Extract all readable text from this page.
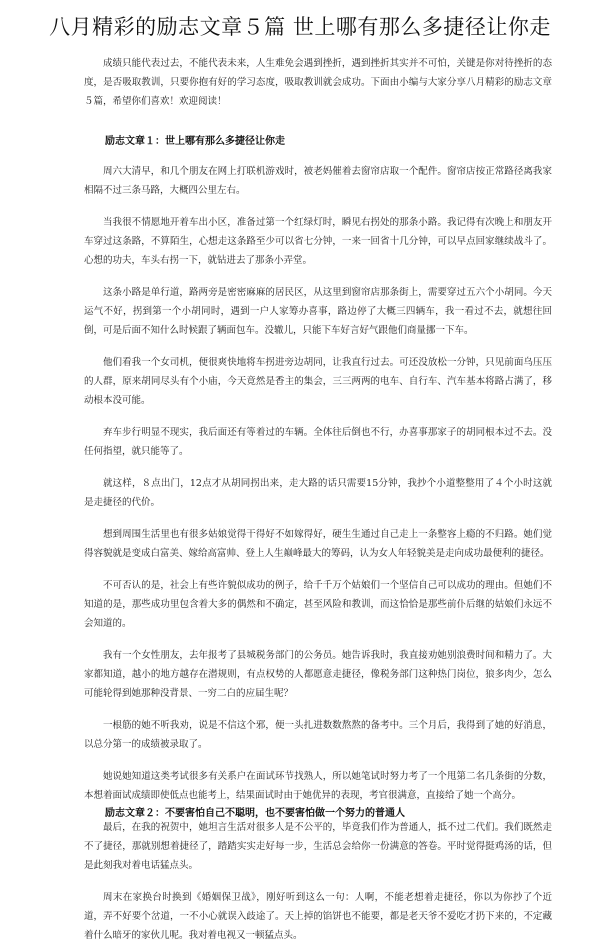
八月精彩的励志文章５篇 世上哪有那么多捷径让你走

成绩只能代表过去，不能代表未来，人生难免会遇到挫折，遇到挫折其实并不可怕，关键是你对待挫折的态度，是否吸取教训，只要你抱有好的学习态度，吸取教训就会成功。下面由小编与大家分享八月精彩的励志文章５篇，希望你们喜欢！欢迎阅读！

励志文章１：世上哪有那么多捷径让你走

周六大清早，和几个朋友在网上打联机游戏时，被老妈催着去窗帘店取一个配件。窗帘店按正常路径离我家相隔不过三条马路，大概四公里左右。

当我很不情愿地开着车出小区，准备过第一个红绿灯时，瞬见右拐处的那条小路。我记得有次晚上和朋友开车穿过这条路，不算陌生，心想走这条路至少可以省七分钟，一来一回省十几分钟，可以早点回家继续战斗了。心想的功夫，车头右拐一下，就钻进去了那条小弄堂。

这条小路是单行道，路两旁是密密麻麻的居民区，从这里到窗帘店那条街上，需要穿过五六个小胡同。今天运气不好，拐到第一个小胡同时，遇到一户人家筹办喜事，路边停了大概三四辆车，我一看过不去，就想往回倒，可是后面不知什么时候跟了辆面包车。没辙儿，只能下车好言好气跟他们商量挪一下车。

他们看我一个女司机，便很爽快地将车拐进旁边胡同，让我直行过去。可还没放松一分钟，只见前面乌压压的人群，原来胡同尽头有个小庙，今天竟然是香主的集会，三三两两的电车、自行车、汽车基本将路占满了，移动根本没可能。

弃车步行明显不现实，我后面还有等着过的车辆。全体往后倒也不行，办喜事那家子的胡同根本过不去。没任何指望，就只能等了。

就这样，８点出门，12点才从胡同拐出来，走大路的话只需要15分钟，我抄个小道整整用了４个小时这就是走捷径的代价。

想到周围生活里也有很多姑娘觉得干得好不如嫁得好，硬生生通过自己走上一条整容上瘾的不归路。她们觉得容貌就是变成白富美、嫁给高富帅、登上人生巅峰最大的筹码，认为女人年轻貌美是走向成功最便利的捷径。

不可否认的是，社会上有些许貌似成功的例子，给千千万个姑娘们一个坚信自己可以成功的理由。但她们不知道的是，那些成功里包含着大多的偶然和不确定，甚至风险和教训，而这恰恰是那些前仆后继的姑娘们永远不会知道的。

我有一个女性朋友，去年报考了县城税务部门的公务员。她告诉我时，我直接劝她别浪费时间和精力了。大家都知道，越小的地方越存在潜规则，有点权势的人都愿意走捷径，像税务部门这种热门岗位，狼多肉少，怎么可能轮得到她那种没背景、一穷二白的应届生呢？

一根筋的她不听我劝，说是不信这个邪，便一头扎进数数熬熬的备考中。三个月后，我得到了她的好消息，以总分第一的成绩被录取了。

她说她知道这类考试很多有关系户在面试环节找熟人，所以她笔试时努力考了一个甩第二名几条街的分数，本想着面试成绩即使低点也能考上，结果面试时由于她优异的表现，考官很满意，直接给了她一个高分。

最后，在我的祝贺中，她坦言生活对很多人是不公平的，毕竟我们作为普通人，抵不过二代们。我们既然走不了捷径，那就别想着捷径了，踏踏实实走好每一步，生活总会给你一份满意的答卷。平时觉得挺鸡汤的话，但是此刻我对着电话猛点头。

周末在家换台时换到《婚姻保卫战》，刚好听到这么一句：人啊，不能老想着走捷径，你以为你抄了个近道，弄不好要个岔道，一不小心就误入歧途了。天上掉的馅饼也不能要，都是老天爷不爱吃才扔下来的，不定藏着什么暗牙的家伙儿呢。我对着电视又一顿猛点头。

励志文章２：不要害怕自己不聪明，也不要害怕做一个努力的普通人
